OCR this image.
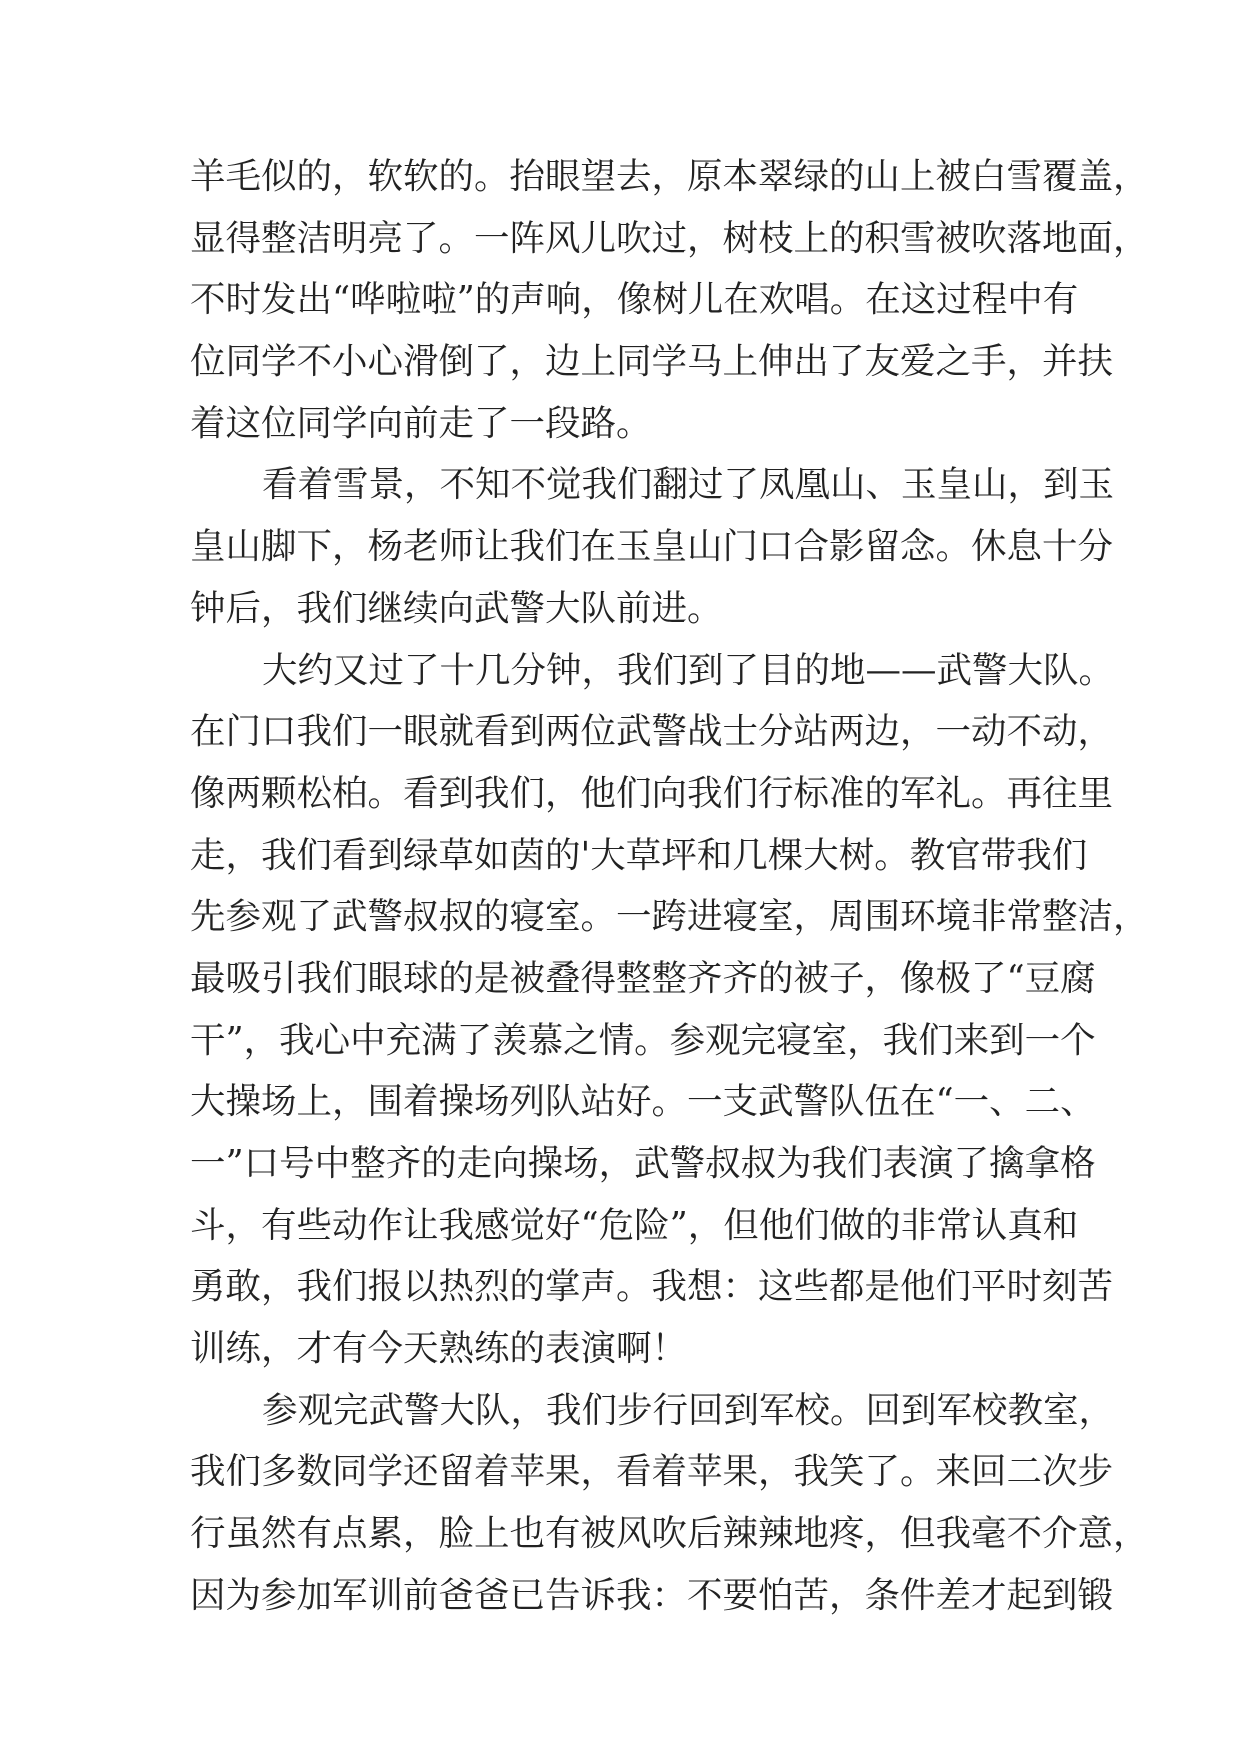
羊毛似的，软软的。抬眼望去，原本翠绿的山上被白雪覆盖，
显得整洁明亮了。一阵风儿吹过，树枝上的积雪被吹落地面，
不时发出“哗啦啦”的声响，像树儿在欢唱。在这过程中有
位同学不小心滑倒了，边上同学马上伸出了友爱之手，并扶
着这位同学向前走了一段路。
看着雪景，不知不觉我们翻过了凤凰山、玉皇山，到玉
皇山脚下，杨老师让我们在玉皇山门口合影留念。休息十分
钟后，我们继续向武警大队前进。
大约又过了十几分钟，我们到了目的地——武警大队。
在门口我们一眼就看到两位武警战士分站两边，一动不动，
像两颗松柏。看到我们，他们向我们行标准的军礼。再往里
走，我们看到绿草如茵的'大草坪和几棵大树。教官带我们
先参观了武警叔叔的寝室。一跨进寝室，周围环境非常整洁，
最吸引我们眼球的是被叠得整整齐齐的被子，像极了“豆腐
干”，我心中充满了羡慕之情。参观完寝室，我们来到一个
大操场上，围着操场列队站好。一支武警队伍在“一、二、
一”口号中整齐的走向操场，武警叔叔为我们表演了擒拿格
斗，有些动作让我感觉好“危险”，但他们做的非常认真和
勇敢，我们报以热烈的掌声。我想：这些都是他们平时刻苦
训练，才有今天熟练的表演啊！
参观完武警大队，我们步行回到军校。回到军校教室，
我们多数同学还留着苹果，看着苹果，我笑了。来回二次步
行虽然有点累，脸上也有被风吹后辣辣地疼，但我毫不介意，
因为参加军训前爸爸已告诉我：不要怕苦，条件差才起到锻
